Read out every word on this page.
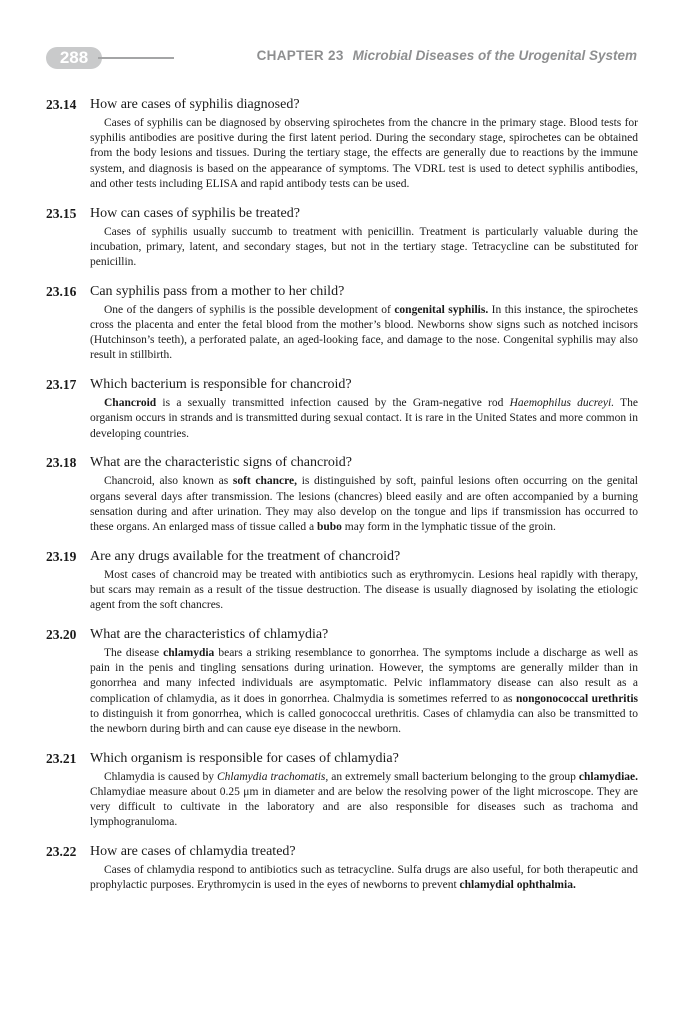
288	CHAPTER 23 Microbial Diseases of the Urogenital System
23.14 How are cases of syphilis diagnosed?

Cases of syphilis can be diagnosed by observing spirochetes from the chancre in the primary stage. Blood tests for syphilis antibodies are positive during the first latent period. During the secondary stage, spirochetes can be obtained from the body lesions and tissues. During the tertiary stage, the effects are generally due to reactions by the immune system, and diagnosis is based on the appearance of symptoms. The VDRL test is used to detect syphilis antibodies, and other tests including ELISA and rapid antibody tests can be used.

23.15 How can cases of syphilis be treated?

Cases of syphilis usually succumb to treatment with penicillin. Treatment is particularly valuable during the incubation, primary, latent, and secondary stages, but not in the tertiary stage. Tetracycline can be substituted for penicillin.

23.16 Can syphilis pass from a mother to her child?

One of the dangers of syphilis is the possible development of congenital syphilis. In this instance, the spirochetes cross the placenta and enter the fetal blood from the mother’s blood. Newborns show signs such as notched incisors (Hutchinson’s teeth), a perforated palate, an aged-looking face, and damage to the nose. Congenital syphilis may also result in stillbirth.

23.17 Which bacterium is responsible for chancroid?

Chancroid is a sexually transmitted infection caused by the Gram-negative rod Haemophilus ducreyi. The organism occurs in strands and is transmitted during sexual contact. It is rare in the United States and more common in developing countries.

23.18 What are the characteristic signs of chancroid?

Chancroid, also known as soft chancre, is distinguished by soft, painful lesions often occurring on the genital organs several days after transmission. The lesions (chancres) bleed easily and are often accompanied by a burning sensation during and after urination. They may also develop on the tongue and lips if transmission has occurred to these organs. An enlarged mass of tissue called a bubo may form in the lymphatic tissue of the groin.

23.19 Are any drugs available for the treatment of chancroid?

Most cases of chancroid may be treated with antibiotics such as erythromycin. Lesions heal rapidly with therapy, but scars may remain as a result of the tissue destruction. The disease is usually diagnosed by isolating the etiologic agent from the soft chancres.

23.20 What are the characteristics of chlamydia?

The disease chlamydia bears a striking resemblance to gonorrhea. The symptoms include a discharge as well as pain in the penis and tingling sensations during urination. However, the symptoms are generally milder than in gonorrhea and many infected individuals are asymptomatic. Pelvic inflammatory disease can also result as a complication of chlamydia, as it does in gonorrhea. Chalmydia is sometimes referred to as nongonococcal urethritis to distinguish it from gonorrhea, which is called gonococcal urethritis. Cases of chlamydia can also be transmitted to the newborn during birth and can cause eye disease in the newborn.

23.21 Which organism is responsible for cases of chlamydia?

Chlamydia is caused by Chlamydia trachomatis, an extremely small bacterium belonging to the group chlamydiae. Chlamydiae measure about 0.25 μm in diameter and are below the resolving power of the light microscope. They are very difficult to cultivate in the laboratory and are also responsible for diseases such as trachoma and lymphogranuloma.

23.22 How are cases of chlamydia treated?

Cases of chlamydia respond to antibiotics such as tetracycline. Sulfa drugs are also useful, for both therapeutic and prophylactic purposes. Erythromycin is used in the eyes of newborns to prevent chlamydial ophthalmia.
